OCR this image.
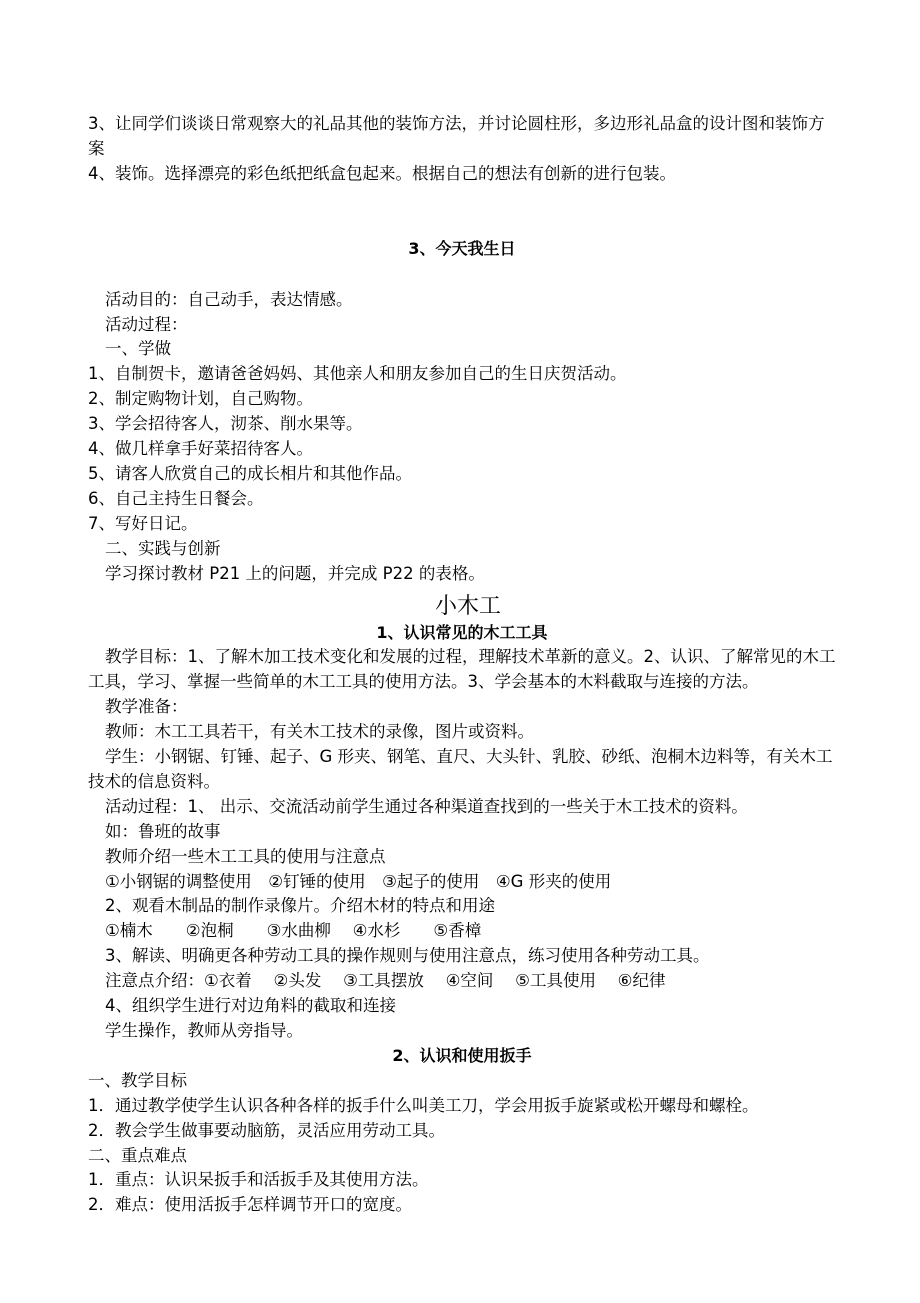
3、让同学们谈谈日常观察大的礼品其他的装饰方法，并讨论圆柱形，多边形礼品盒的设计图和装饰方案

4、装饰。选择漂亮的彩色纸把纸盒包起来。根据自己的想法有创新的进行包装。

3、今天我生日

活动目的：自己动手，表达情感。

活动过程：

一、学做

1、自制贺卡，邀请爸爸妈妈、其他亲人和朋友参加自己的生日庆贺活动。

2、制定购物计划，自己购物。

3、学会招待客人，沏茶、削水果等。

4、做几样拿手好菜招待客人。

5、请客人欣赏自己的成长相片和其他作品。

6、自己主持生日餐会。

7、写好日记。

二、实践与创新

学习探讨教材 P21 上的问题，并完成 P22 的表格。

小木工

1、认识常见的木工工具

教学目标：1、了解木加工技术变化和发展的过程，理解技术革新的意义。2、认识、了解常见的木工工具，学习、掌握一些简单的木工工具的使用方法。3、学会基本的木料截取与连接的方法。

教学准备：

教师：木工工具若干，有关木工技术的录像，图片或资料。

学生：小钢锯、钉锤、起子、G 形夹、钢笔、直尺、大头针、乳胶、砂纸、泡桐木边料等，有关木工技术的信息资料。

活动过程：1、 出示、交流活动前学生通过各种渠道查找到的一些关于木工技术的资料。

如：鲁班的故事

教师介绍一些木工工具的使用与注意点

①小钢锯的调整使用　②钉锤的使用　③起子的使用　④G 形夹的使用

2、观看木制品的制作录像片。介绍木材的特点和用途

①楠木　　②泡桐　　③水曲柳　 ④水杉　　⑤香樟

3、解读、明确更各种劳动工具的操作规则与使用注意点，练习使用各种劳动工具。

注意点介绍：①衣着　 ②头发　 ③工具摆放　 ④空间　 ⑤工具使用　 ⑥纪律

4、组织学生进行对边角料的截取和连接

学生操作，教师从旁指导。

2、认识和使用扳手

一、教学目标

1．通过教学使学生认识各种各样的扳手什么叫美工刀，学会用扳手旋紧或松开螺母和螺栓。

2．教会学生做事要动脑筋，灵活应用劳动工具。

二、重点难点

1．重点：认识呆扳手和活扳手及其使用方法。

2．难点：使用活扳手怎样调节开口的宽度。
